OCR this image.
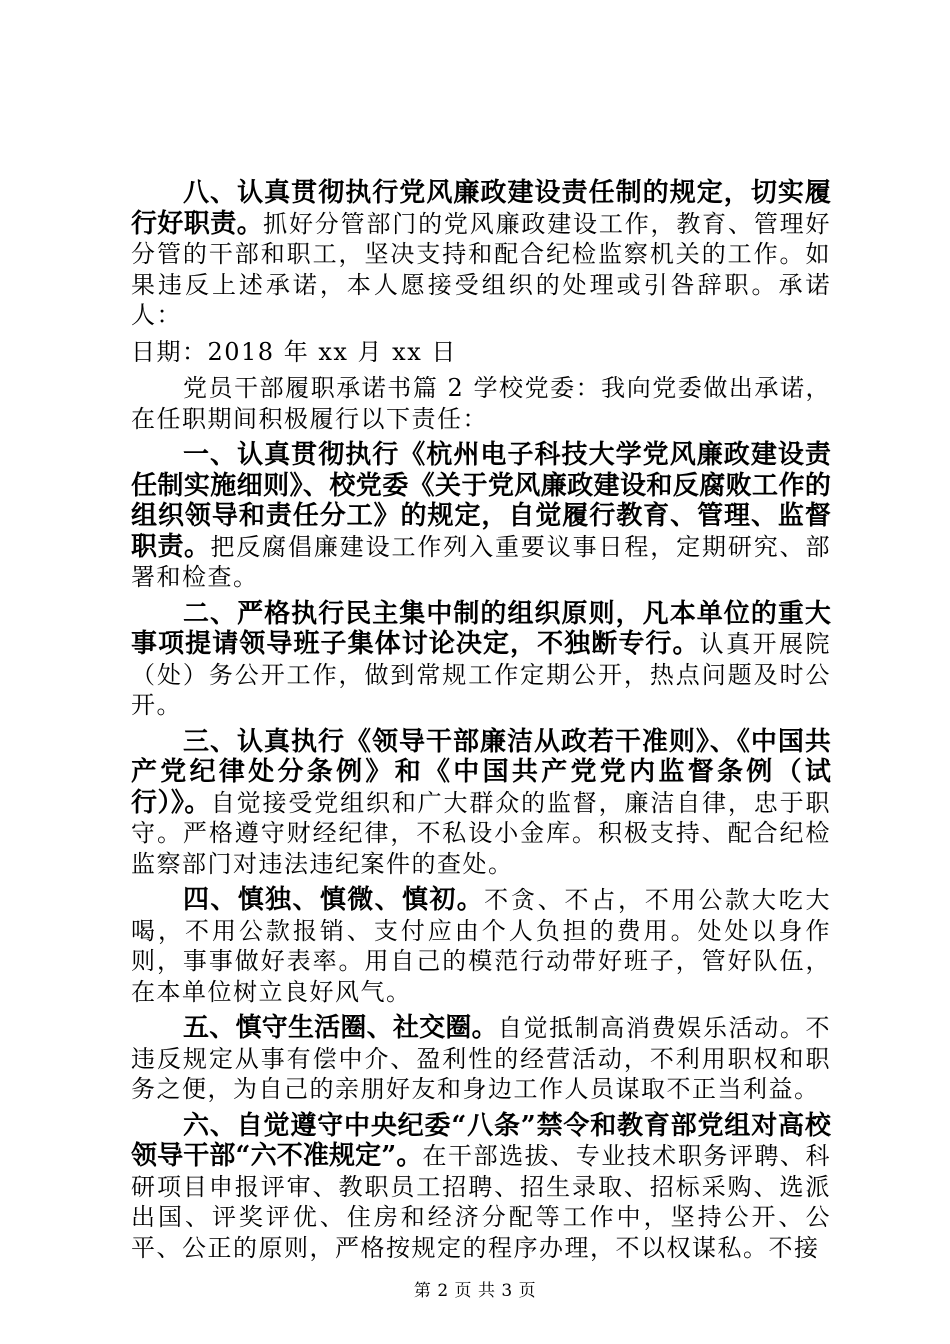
八、认真贯彻执行党风廉政建设责任制的规定，切实履行好职责。抓好分管部门的党风廉政建设工作，教育、管理好分管的干部和职工，坚决支持和配合纪检监察机关的工作。如果违反上述承诺，本人愿接受组织的处理或引咎辞职。承诺人：

日期：2018 年 xx 月 xx 日

党员干部履职承诺书篇 2 学校党委：我向党委做出承诺，在任职期间积极履行以下责任：

一、认真贯彻执行《杭州电子科技大学党风廉政建设责任制实施细则》、校党委《关于党风廉政建设和反腐败工作的组织领导和责任分工》的规定，自觉履行教育、管理、监督职责。把反腐倡廉建设工作列入重要议事日程，定期研究、部署和检查。

二、严格执行民主集中制的组织原则，凡本单位的重大事项提请领导班子集体讨论决定，不独断专行。认真开展院（处）务公开工作，做到常规工作定期公开，热点问题及时公开。

三、认真执行《领导干部廉洁从政若干准则》、《中国共产党纪律处分条例》和《中国共产党党内监督条例（试行）》。自觉接受党组织和广大群众的监督，廉洁自律，忠于职守。严格遵守财经纪律，不私设小金库。积极支持、配合纪检监察部门对违法违纪案件的查处。

四、慎独、慎微、慎初。不贪、不占，不用公款大吃大喝，不用公款报销、支付应由个人负担的费用。处处以身作则，事事做好表率。用自己的模范行动带好班子，管好队伍，在本单位树立良好风气。

五、慎守生活圈、社交圈。自觉抵制高消费娱乐活动。不违反规定从事有偿中介、盈利性的经营活动，不利用职权和职务之便，为自己的亲朋好友和身边工作人员谋取不正当利益。

六、自觉遵守中央纪委“八条”禁令和教育部党组对高校领导干部“六不准规定”。在干部选拔、专业技术职务评聘、科研项目申报评审、教职员工招聘、招生录取、招标采购、选派出国、评奖评优、住房和经济分配等工作中，坚持公开、公平、公正的原则，严格按规定的程序办理，不以权谋私。不接

第 2 页 共 3 页
